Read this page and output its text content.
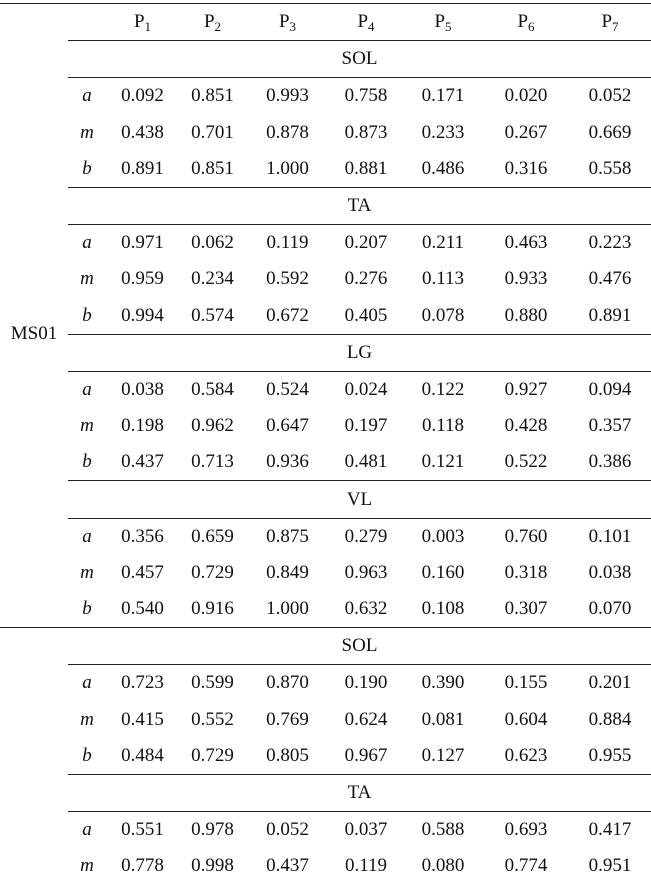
		$P_1$	$P_2$	$P_3$	$P_4$	$P_5$	$P_6$	$P_7$
MS01	SOL							
	a	0.092	0.851	0.993	0.758	0.171	0.020	0.052
	m	0.438	0.701	0.878	0.873	0.233	0.267	0.669
	b	0.891	0.851	1.000	0.881	0.486	0.316	0.558
	TA							
	a	0.971	0.062	0.119	0.207	0.211	0.463	0.223
	m	0.959	0.234	0.592	0.276	0.113	0.933	0.476
	b	0.994	0.574	0.672	0.405	0.078	0.880	0.891
	LG							
	a	0.038	0.584	0.524	0.024	0.122	0.927	0.094
	m	0.198	0.962	0.647	0.197	0.118	0.428	0.357
	b	0.437	0.713	0.936	0.481	0.121	0.522	0.386
	VL							
	a	0.356	0.659	0.875	0.279	0.003	0.760	0.101
	m	0.457	0.729	0.849	0.963	0.160	0.318	0.038
	b	0.540	0.916	1.000	0.632	0.108	0.307	0.070
	SOL							
	a	0.723	0.599	0.870	0.190	0.390	0.155	0.201
	m	0.415	0.552	0.769	0.624	0.081	0.604	0.884
	b	0.484	0.729	0.805	0.967	0.127	0.623	0.955
	TA							
	a	0.551	0.978	0.052	0.037	0.588	0.693	0.417
	m	0.778	0.998	0.437	0.119	0.080	0.774	0.951
